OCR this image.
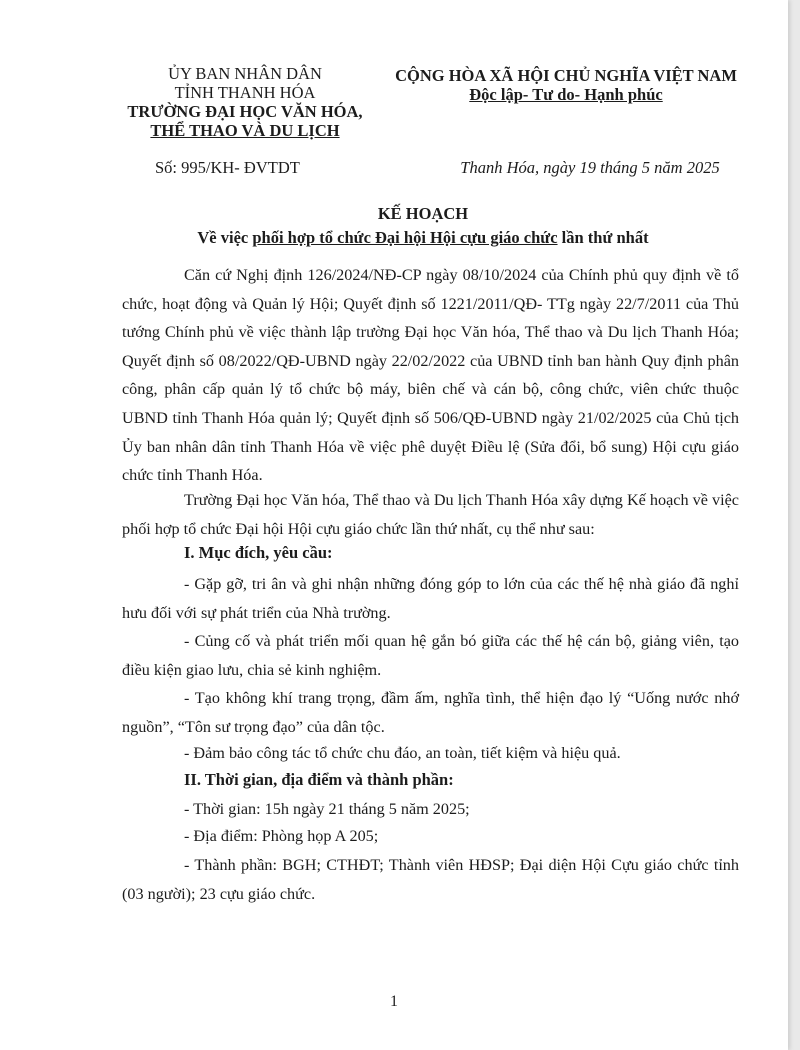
ỦY BAN NHÂN DÂN
TỈNH THANH HÓA
TRƯỜNG ĐẠI HỌC VĂN HÓA,
THỂ THAO VÀ DU LỊCH
CỘNG HÒA XÃ HỘI CHỦ NGHĨA VIỆT NAM
Độc lập- Tư do- Hạnh phúc
Số: 995/KH- ĐVTDT	Thanh Hóa, ngày 19 tháng 5 năm 2025
KẾ HOẠCH
Về việc phối hợp tổ chức Đại hội Hội cựu giáo chức lần thứ nhất

Căn cứ Nghị định 126/2024/NĐ-CP ngày 08/10/2024 của Chính phủ quy định về tổ chức, hoạt động và Quản lý Hội; Quyết định số 1221/2011/QĐ- TTg ngày 22/7/2011 của Thủ tướng Chính phủ về việc thành lập trường Đại học Văn hóa, Thể thao và Du lịch Thanh Hóa; Quyết định số 08/2022/QĐ-UBND ngày 22/02/2022 của UBND tỉnh ban hành Quy định phân công, phân cấp quản lý tổ chức bộ máy, biên chế và cán bộ, công chức, viên chức thuộc UBND tỉnh Thanh Hóa quản lý; Quyết định số 506/QĐ-UBND ngày 21/02/2025 của Chủ tịch Ủy ban nhân dân tỉnh Thanh Hóa về việc phê duyệt Điều lệ (Sửa đổi, bổ sung) Hội cựu giáo chức tỉnh Thanh Hóa.

Trường Đại học Văn hóa, Thể thao và Du lịch Thanh Hóa xây dựng Kế hoạch về việc phối hợp tổ chức Đại hội Hội cựu giáo chức lần thứ nhất, cụ thể như sau:

I. Mục đích, yêu cầu:

- Gặp gỡ, tri ân và ghi nhận những đóng góp to lớn của các thế hệ nhà giáo đã nghỉ hưu đối với sự phát triển của Nhà trường.

- Củng cố và phát triển mối quan hệ gắn bó giữa các thế hệ cán bộ, giảng viên, tạo điều kiện giao lưu, chia sẻ kinh nghiệm.

- Tạo không khí trang trọng, đầm ấm, nghĩa tình, thể hiện đạo lý “Uống nước nhớ nguồn”, “Tôn sư trọng đạo” của dân tộc.

- Đảm bảo công tác tổ chức chu đáo, an toàn, tiết kiệm và hiệu quả.

II. Thời gian, địa điểm và thành phần:

- Thời gian: 15h ngày 21 tháng 5 năm 2025;

- Địa điểm: Phòng họp A 205;

- Thành phần: BGH; CTHĐT; Thành viên HĐSP; Đại diện Hội Cựu giáo chức tỉnh (03 người); 23 cựu giáo chức.

1
